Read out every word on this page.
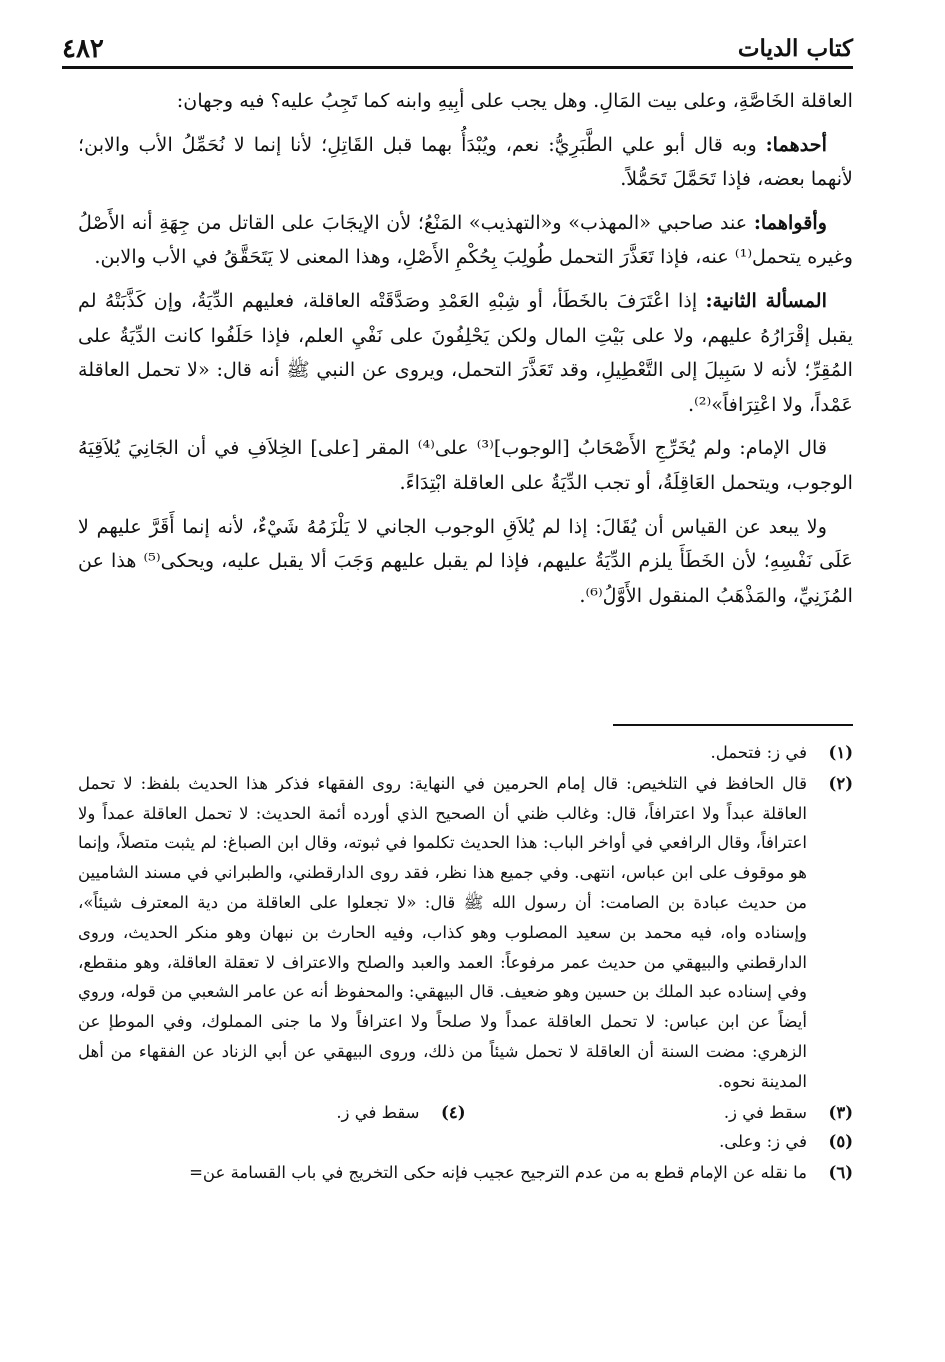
كتاب الديات
٤٨٢

العاقلة الخَاصَّةِ، وعلى بيت المَالِ. وهل يجب على أبِيهِ وابنه كما تَجِبُ عليه؟ فيه وجهان:

أحدهما: وبه قال أبو علي الطَّبَرِيُّ: نعم، ويُبْدَأُ بهما قبل القَاتِلِ؛ لأنا إنما لا نُحَمِّلُ الأب والابن؛ لأنهما بعضه، فإذا تَحَمَّلَ تَحَمُّلاً.

وأقواهما: عند صاحبي «المهذب» و«التهذيب» المَنْعُ؛ لأن الإيجَابَ على القاتل من جِهَةِ أنه الأَصْلُ وغيره يتحمل⁽¹⁾ عنه، فإذا تَعَذَّرَ التحمل طُولِبَ بِحُكْمِ الأَصْلِ، وهذا المعنى لا يَتَحَقَّقُ في الأب والابن.

المسألة الثانية: إذا اعْتَرَفَ بالخَطَأ، أو شِبْهِ العَمْدِ وصَدَّقَتْه العاقلة، فعليهم الدِّيَةُ، وإن كَذَّبَتْهُ لم يقبل إقْرَارُهُ عليهم، ولا على بَيْتِ المال ولكن يَحْلِفُونَ على نَفْيِ العلم، فإذا حَلَفُوا كانت الدِّيَةُ على المُقِرِّ؛ لأنه لا سَبِيلَ إلى التَّعْطِيلِ، وقد تَعَذَّرَ التحمل، ويروى عن النبي ﷺ أنه قال: «لا تحمل العاقلة عَمْداً، ولا اعْتِرَافاً»⁽²⁾.

قال الإمام: ولم يُخَرِّجِ الأَصْحَابُ [الوجوب]⁽³⁾ على⁽⁴⁾ المقر [على] الخِلاَفِ في أن الجَانِيَ يُلاَقِيَهُ الوجوب، ويتحمل العَاقِلَةُ، أو تجب الدِّيَةُ على العاقلة ابْتِدَاءً.

ولا يبعد عن القياس أن يُقَالَ: إذا لم يُلاَقِ الوجوب الجاني لا يَلْزَمُهُ شَيْءٌ، لأنه إنما أَقَرَّ عليهم لا عَلَى نَفْسِهِ؛ لأن الخَطَأَ يلزم الدِّيَةُ عليهم، فإذا لم يقبل عليهم وَجَبَ ألا يقبل عليه، ويحكى⁽⁵⁾ هذا عن المُزَنِيِّ، والمَذْهَبُ المنقول الأَوَّلُ⁽⁶⁾.

(١)
في ز: فتحمل.
(٢)
قال الحافظ في التلخيص: قال إمام الحرمين في النهاية: روى الفقهاء فذكر هذا الحديث بلفظ: لا تحمل العاقلة عبداً ولا اعترافاً، قال: وغالب ظني أن الصحيح الذي أورده أئمة الحديث: لا تحمل العاقلة عمداً ولا اعترافاً، وقال الرافعي في أواخر الباب: هذا الحديث تكلموا في ثبوته، وقال ابن الصباغ: لم يثبت متصلاً، وإنما هو موقوف على ابن عباس، انتهى. وفي جميع هذا نظر، فقد روى الدارقطني، والطبراني في مسند الشاميين من حديث عبادة بن الصامت: أن رسول الله ﷺ قال: «لا تجعلوا على العاقلة من دية المعترف شيئاً»، وإسناده واه، فيه محمد بن سعيد المصلوب وهو كذاب، وفيه الحارث بن نبهان وهو منكر الحديث، وروى الدارقطني والبيهقي من حديث عمر مرفوعاً: العمد والعبد والصلح والاعتراف لا تعقلة العاقلة، وهو منقطع، وفي إسناده عبد الملك بن حسين وهو ضعيف. قال البيهقي: والمحفوظ أنه عن عامر الشعبي من قوله، وروي أيضاً عن ابن عباس: لا تحمل العاقلة عمداً ولا صلحاً ولا اعترافاً ولا ما جنى المملوك، وفي الموطإ عن الزهري: مضت السنة أن العاقلة لا تحمل شيئاً من ذلك، وروى البيهقي عن أبي الزناد عن الفقهاء من أهل المدينة نحوه.
(٣)
سقط في ز.
(٤)
سقط في ز.
(٥)
في ز: وعلى.
(٦)
ما نقله عن الإمام قطع به من عدم الترجيح عجيب فإنه حكى التخريج في باب القسامة عن=
